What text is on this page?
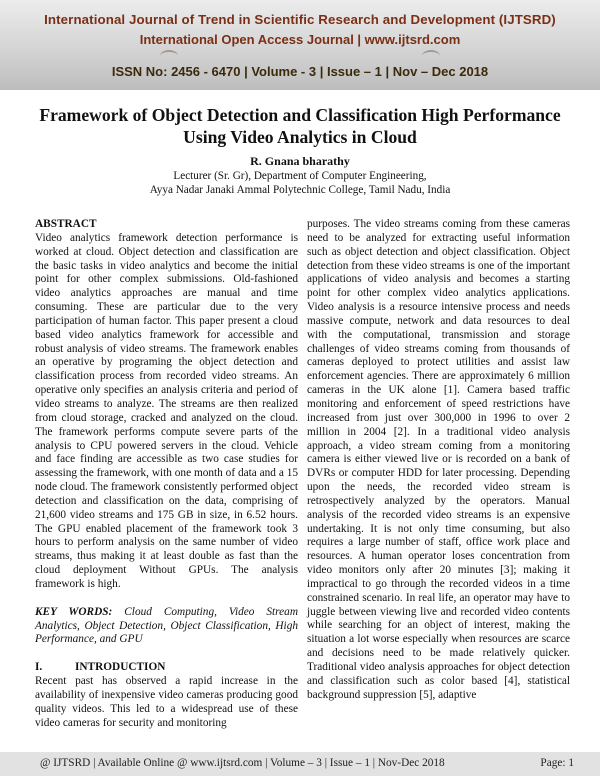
International Journal of Trend in Scientific Research and Development (IJTSRD)
International Open Access Journal | www.ijtsrd.com
ISSN No: 2456 - 6470 | Volume - 3 | Issue – 1 | Nov – Dec 2018
Framework of Object Detection and Classification High Performance
Using Video Analytics in Cloud
R. Gnana bharathy
Lecturer (Sr. Gr), Department of Computer Engineering,
Ayya Nadar Janaki Ammal Polytechnic College, Tamil Nadu, India
ABSTRACT

Video analytics framework detection performance is worked at cloud. Object detection and classification are the basic tasks in video analytics and become the initial point for other complex submissions. Old-fashioned video analytics approaches are manual and time consuming. These are particular due to the very participation of human factor. This paper present a cloud based video analytics framework for accessible and robust analysis of video streams. The framework enables an operative by programing the object detection and classification process from recorded video streams. An operative only specifies an analysis criteria and period of video streams to analyze. The streams are then realized from cloud storage, cracked and analyzed on the cloud. The framework performs compute severe parts of the analysis to CPU powered servers in the cloud. Vehicle and face finding are accessible as two case studies for assessing the framework, with one month of data and a 15 node cloud. The framework consistently performed object detection and classification on the data, comprising of 21,600 video streams and 175 GB in size, in 6.52 hours. The GPU enabled placement of the framework took 3 hours to perform analysis on the same number of video streams, thus making it at least double as fast than the cloud deployment Without GPUs. The analysis framework is high.

KEY WORDS: Cloud Computing, Video Stream Analytics, Object Detection, Object Classification, High Performance, and GPU

I.	INTRODUCTION

Recent past has observed a rapid increase in the availability of inexpensive video cameras producing good quality videos. This led to a widespread use of these video cameras for security and monitoring

purposes. The video streams coming from these cameras need to be analyzed for extracting useful information such as object detection and object classification. Object detection from these video streams is one of the important applications of video analysis and becomes a starting point for other complex video analytics applications. Video analysis is a resource intensive process and needs massive compute, network and data resources to deal with the computational, transmission and storage challenges of video streams coming from thousands of cameras deployed to protect utilities and assist law enforcement agencies. There are approximately 6 million cameras in the UK alone [1]. Camera based traffic monitoring and enforcement of speed restrictions have increased from just over 300,000 in 1996 to over 2 million in 2004 [2]. In a traditional video analysis approach, a video stream coming from a monitoring camera is either viewed live or is recorded on a bank of DVRs or computer HDD for later processing. Depending upon the needs, the recorded video stream is retrospectively analyzed by the operators. Manual analysis of the recorded video streams is an expensive undertaking. It is not only time consuming, but also requires a large number of staff, office work place and resources. A human operator loses concentration from video monitors only after 20 minutes [3]; making it impractical to go through the recorded videos in a time constrained scenario. In real life, an operator may have to juggle between viewing live and recorded video contents while searching for an object of interest, making the situation a lot worse especially when resources are scarce and decisions need to be made relatively quicker. Traditional video analysis approaches for object detection and classification such as color based [4], statistical background suppression [5], adaptive

@ IJTSRD | Available Online @ www.ijtsrd.com | Volume – 3 | Issue – 1 | Nov-Dec 2018	Page: 1
